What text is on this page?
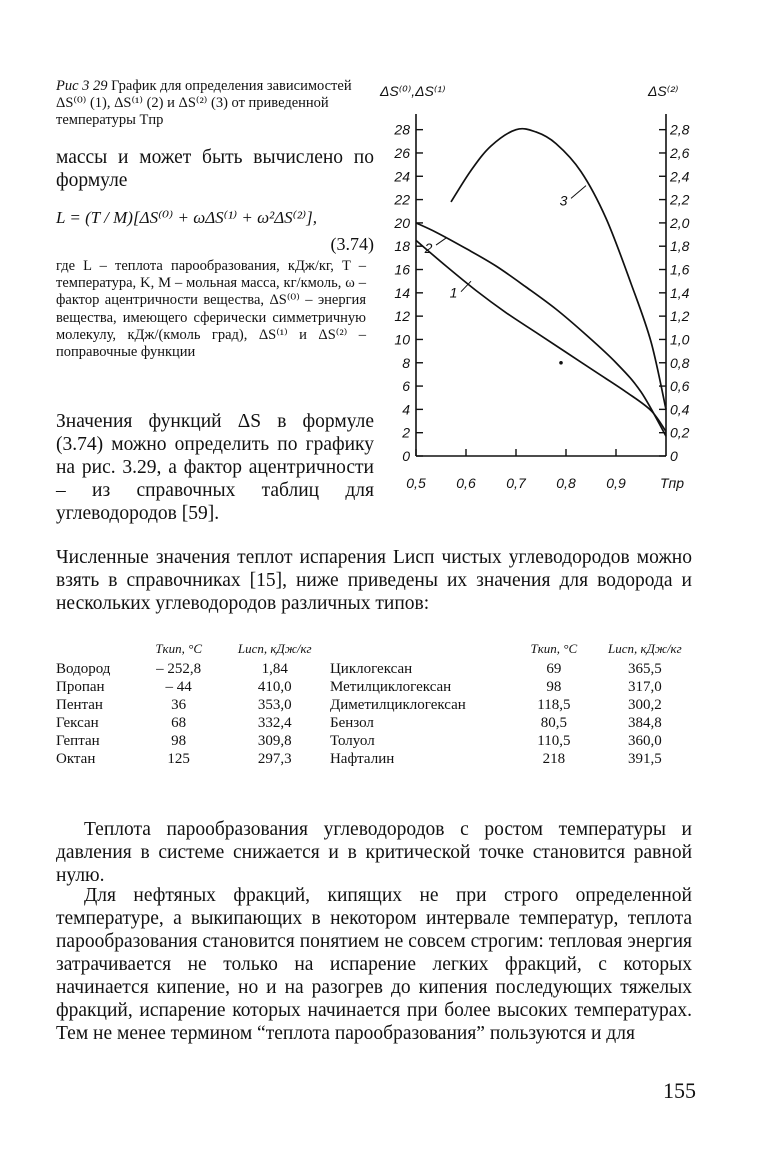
Рис 3 29 График для определения зависимостей ΔS⁽⁰⁾ (1), ΔS⁽¹⁾ (2) и ΔS⁽²⁾ (3) от приведенной температуры Tпр
массы и может быть вычислено по формуле
L = (T / M)[ΔS⁽⁰⁾ + ωΔS⁽¹⁾ + ω²ΔS⁽²⁾],
(3.74)
где L – теплота парообразования, кДж/кг, T – температура, K, M – мольная масса, кг/кмоль, ω – фактор ацентричности вещества, ΔS⁽⁰⁾ – энергия вещества, имеющего сферически симметричную молекулу, кДж/(кмоль град), ΔS⁽¹⁾ и ΔS⁽²⁾ – поправочные функции
Значения функций ΔS в формуле (3.74) можно определить по графику на рис. 3.29, а фактор ацентричности – из справочных таблиц для углеводородов [59].
ΔS⁽⁰⁾,ΔS⁽¹⁾	ΔS⁽²⁾
Tпр
0
2
4
6
8
10
12
14
16
18
20
22
24
26
28
0
0,2
0,4
0,6
0,8
1,0
1,2
1,4
1,6
1,8
2,0
2,2
2,4
2,6
2,8
0,5 0,6 0,7 0,8 0,9
1
2
3
Численные значения теплот испарения Lисп чистых углеводородов можно взять в справочниках [15], ниже приведены их значения для водорода и нескольких углеводородов различных типов:
	Tкип, °C	Lисп, кДж/кг		Tкип, °C	Lисп, кДж/кг
Водород	– 252,8	1,84	Циклогексан	69	365,5
Пропан	– 44	410,0	Метилциклогексан	98	317,0
Пентан	36	353,0	Диметилциклогексан	118,5	300,2
Гексан	68	332,4	Бензол	80,5	384,8
Гептан	98	309,8	Толуол	110,5	360,0
Октан	125	297,3	Нафталин	218	391,5
Теплота парообразования углеводородов с ростом температуры и давления в системе снижается и в критической точке становится равной нулю.
Для нефтяных фракций, кипящих не при строго определенной температуре, а выкипающих в некотором интервале температур, теплота парообразования становится понятием не совсем строгим: тепловая энергия затрачивается не только на испарение легких фракций, с которых начинается кипение, но и на разогрев до кипения последующих тяжелых фракций, испарение которых начинается при более высоких температурах. Тем не менее термином “теплота парообразования” пользуются и для
155
